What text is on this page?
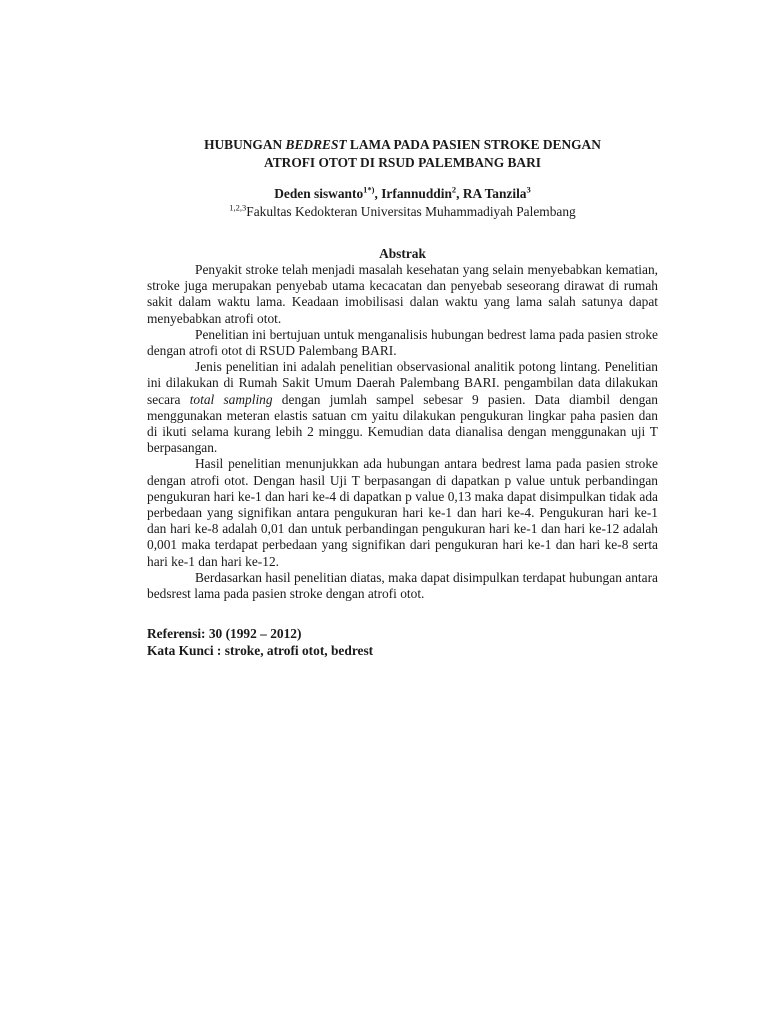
HUBUNGAN BEDREST LAMA PADA PASIEN STROKE DENGAN
ATROFI OTOT DI RSUD PALEMBANG BARI
Deden siswanto$^{1*)}$, Irfannuddin$^2$, RA Tanzila$^3$
$^{1,2,3}$Fakultas Kedokteran Universitas Muhammadiyah Palembang
Abstrak

Penyakit stroke telah menjadi masalah kesehatan yang selain menyebabkan kematian, stroke juga merupakan penyebab utama kecacatan dan penyebab seseorang dirawat di rumah sakit dalam waktu lama. Keadaan imobilisasi dalan waktu yang lama salah satunya dapat menyebabkan atrofi otot.

Penelitian ini bertujuan untuk menganalisis hubungan bedrest lama pada pasien stroke dengan atrofi otot di RSUD Palembang BARI.

Jenis penelitian ini adalah penelitian observasional analitik potong lintang. Penelitian ini dilakukan di Rumah Sakit Umum Daerah Palembang BARI. pengambilan data dilakukan secara total sampling dengan jumlah sampel sebesar 9 pasien. Data diambil dengan menggunakan meteran elastis satuan cm yaitu dilakukan pengukuran lingkar paha pasien dan di ikuti selama kurang lebih 2 minggu. Kemudian data dianalisa dengan menggunakan uji T berpasangan.

Hasil penelitian menunjukkan ada hubungan antara bedrest lama pada pasien stroke dengan atrofi otot. Dengan hasil Uji T berpasangan di dapatkan p value untuk perbandingan pengukuran hari ke-1 dan hari ke-4 di dapatkan p value 0,13 maka dapat disimpulkan tidak ada perbedaan yang signifikan antara pengukuran hari ke-1 dan hari ke-4. Pengukuran hari ke-1 dan hari ke-8 adalah 0,01 dan untuk perbandingan pengukuran hari ke-1 dan hari ke-12 adalah 0,001 maka terdapat perbedaan yang signifikan dari pengukuran hari ke-1 dan hari ke-8 serta hari ke-1 dan hari ke-12.

Berdasarkan hasil penelitian diatas, maka dapat disimpulkan terdapat hubungan antara bedsrest lama pada pasien stroke dengan atrofi otot.

Referensi: 30 (1992 – 2012)
Kata Kunci : stroke, atrofi otot, bedrest
